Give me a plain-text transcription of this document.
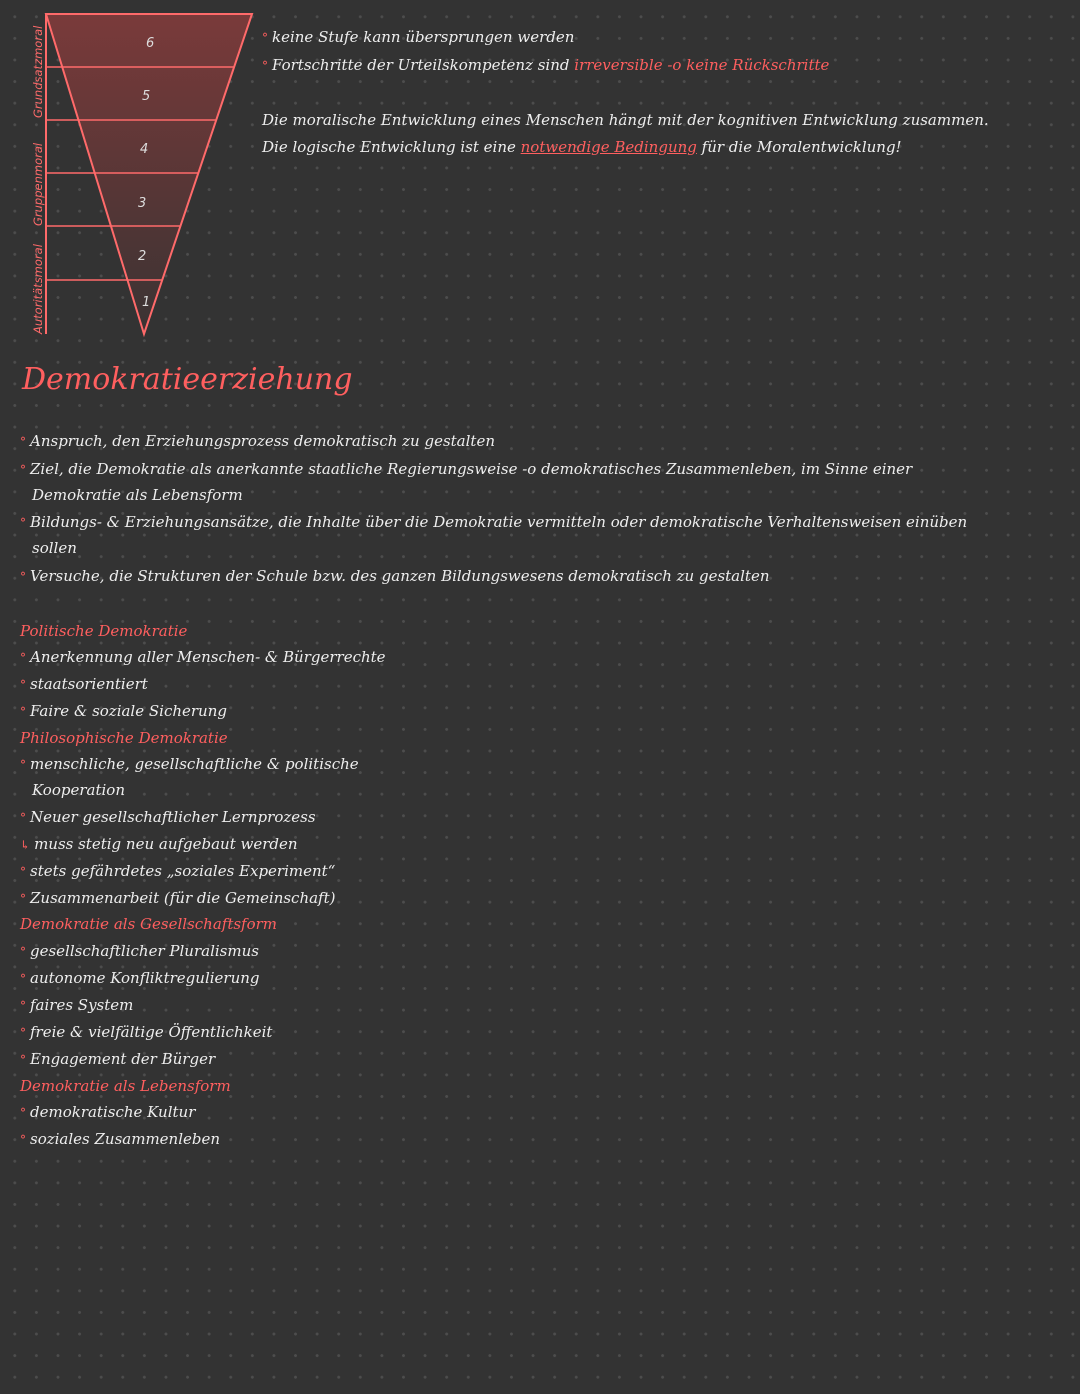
6
5
4
3
2
1
Grundsatzmoral
Gruppenmoral
Autoritätsmoral
° keine Stufe kann übersprungen werden
° Fortschritte der Urteilskompetenz sind irreversible -o keine Rückschritte
Die moralische Entwicklung eines Menschen hängt mit der kognitiven Entwicklung zusammen.
Die logische Entwicklung ist eine notwendige Bedingung für die Moralentwicklung!
Demokratieerziehung
° Anspruch, den Erziehungsprozess demokratisch zu gestalten
° Ziel, die Demokratie als anerkannte staatliche Regierungsweise -o demokratisches Zusammenleben, im Sinne einer
Demokratie als Lebensform
° Bildungs- & Erziehungsansätze, die Inhalte über die Demokratie vermitteln oder demokratische Verhaltensweisen einüben
sollen
° Versuche, die Strukturen der Schule bzw. des ganzen Bildungswesens demokratisch zu gestalten
Politische Demokratie
° Anerkennung aller Menschen- & Bürgerrechte
° staatsorientiert
° Faire & soziale Sicherung
Philosophische Demokratie
° menschliche, gesellschaftliche & politische
Kooperation
° Neuer gesellschaftlicher Lernprozess
↳ muss stetig neu aufgebaut werden
° stets gefährdetes „soziales Experiment“
° Zusammenarbeit (für die Gemeinschaft)
Demokratie als Gesellschaftsform
° gesellschaftlicher Pluralismus
° autonome Konfliktregulierung
° faires System
° freie & vielfältige Öffentlichkeit
° Engagement der Bürger
Demokratie als Lebensform
° demokratische Kultur
° soziales Zusammenleben
